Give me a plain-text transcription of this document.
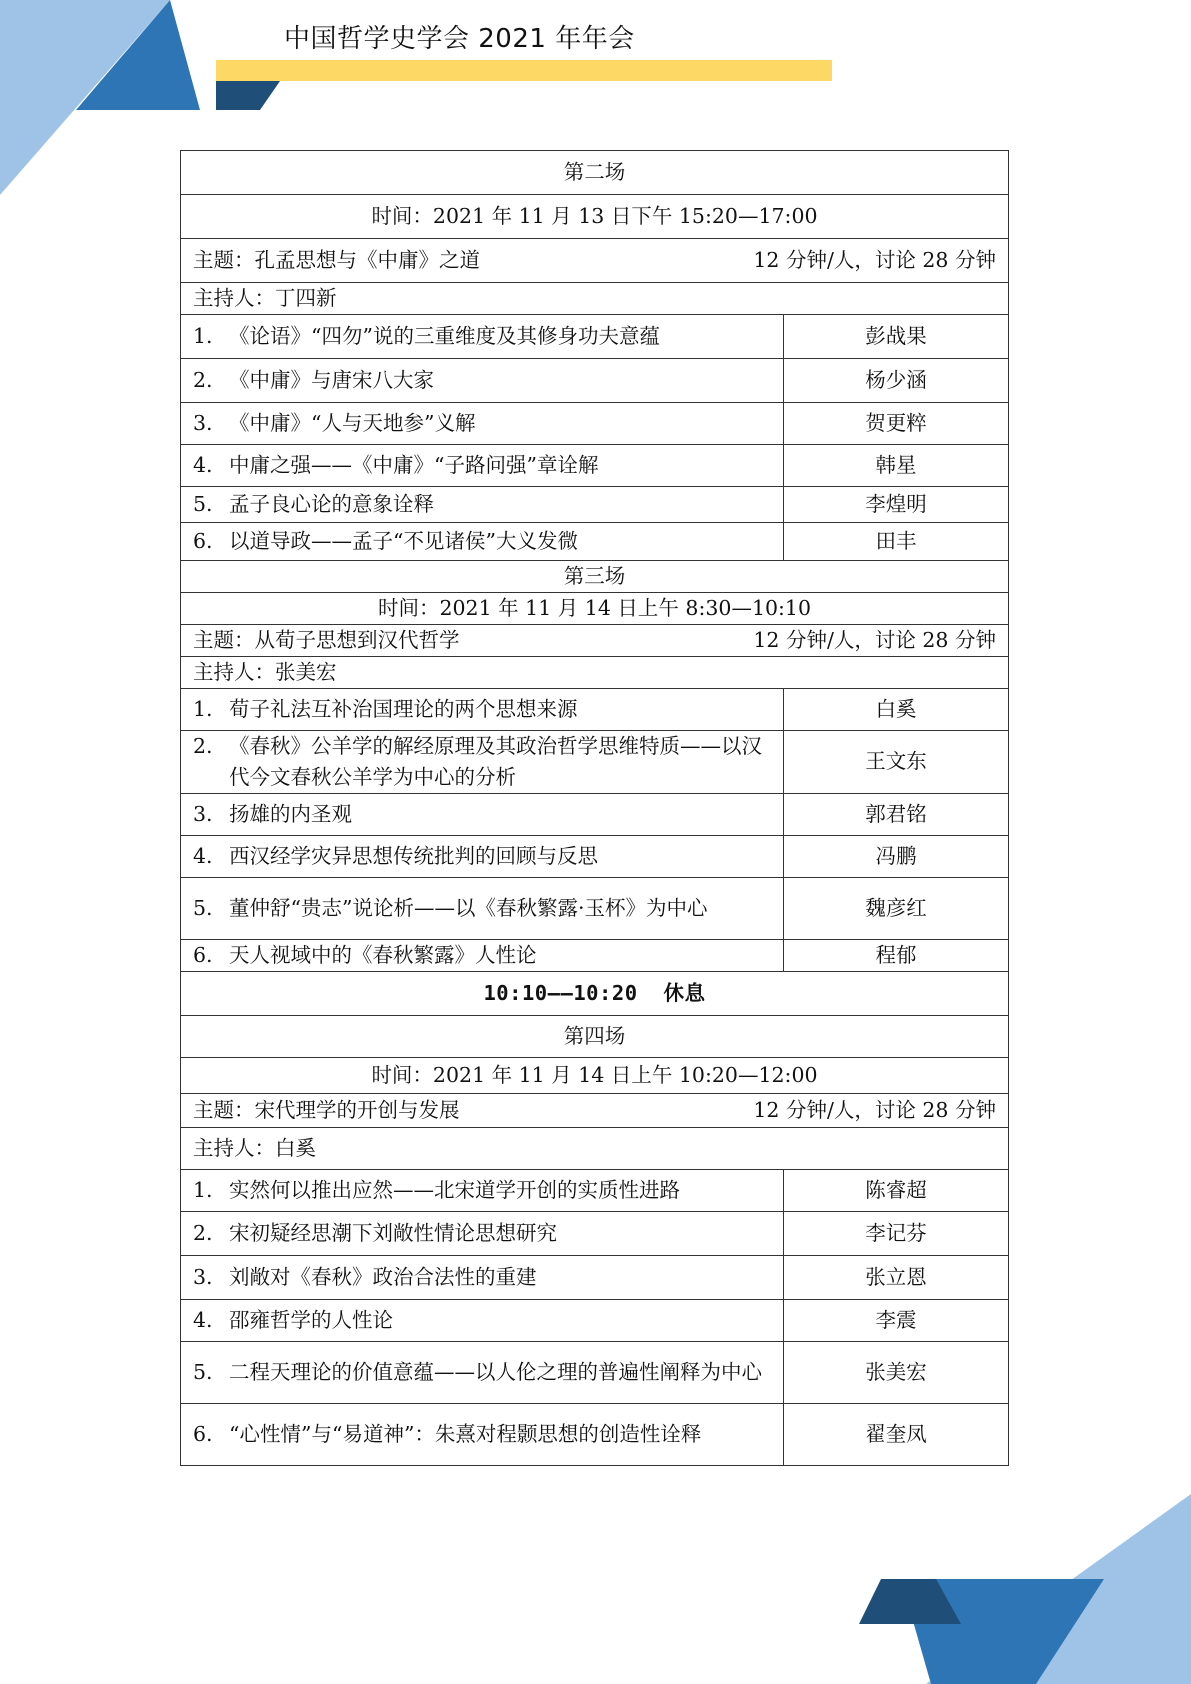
中国哲学史学会 2021 年年会
第二场	
时间：2021 年 11 月 13 日下午 15:20—17:00	

主题：孔孟思想与《中庸》之道 12 分钟/人，讨论 28 分钟	

主持人：丁四新	

1. 《论语》“四勿”说的三重维度及其修身功夫意蕴	彭战果

2. 《中庸》与唐宋八大家	杨少涵

3. 《中庸》“人与天地参”义解	贺更粹

4. 中庸之强——《中庸》“子路问强”章诠解	韩星

5. 孟子良心论的意象诠释	李煌明

6. 以道导政——孟子“不见诸侯”大义发微	田丰
第三场	
时间：2021 年 11 月 14 日上午 8:30—10:10	

主题：从荀子思想到汉代哲学 12 分钟/人，讨论 28 分钟	

主持人：张美宏	

1. 荀子礼法互补治国理论的两个思想来源	白奚

2. 《春秋》公羊学的解经原理及其政治哲学思维特质——以汉代今文春秋公羊学为中心的分析	王文东

3. 扬雄的内圣观	郭君铭

4. 西汉经学灾异思想传统批判的回顾与反思	冯鹏

5. 董仲舒“贵志”说论析——以《春秋繁露·玉杯》为中心	魏彦红

6. 天人视域中的《春秋繁露》人性论	程郁
10:10——10:20 休息	
第四场	
时间：2021 年 11 月 14 日上午 10:20—12:00	

主题：宋代理学的开创与发展 12 分钟/人，讨论 28 分钟	

主持人：白奚	

1. 实然何以推出应然——北宋道学开创的实质性进路	陈睿超

2. 宋初疑经思潮下刘敞性情论思想研究	李记芬

3. 刘敞对《春秋》政治合法性的重建	张立恩

4. 邵雍哲学的人性论	李震

5. 二程天理论的价值意蕴——以人伦之理的普遍性阐释为中心	张美宏

6. “心性情”与“易道神”：朱熹对程颢思想的创造性诠释	翟奎凤
